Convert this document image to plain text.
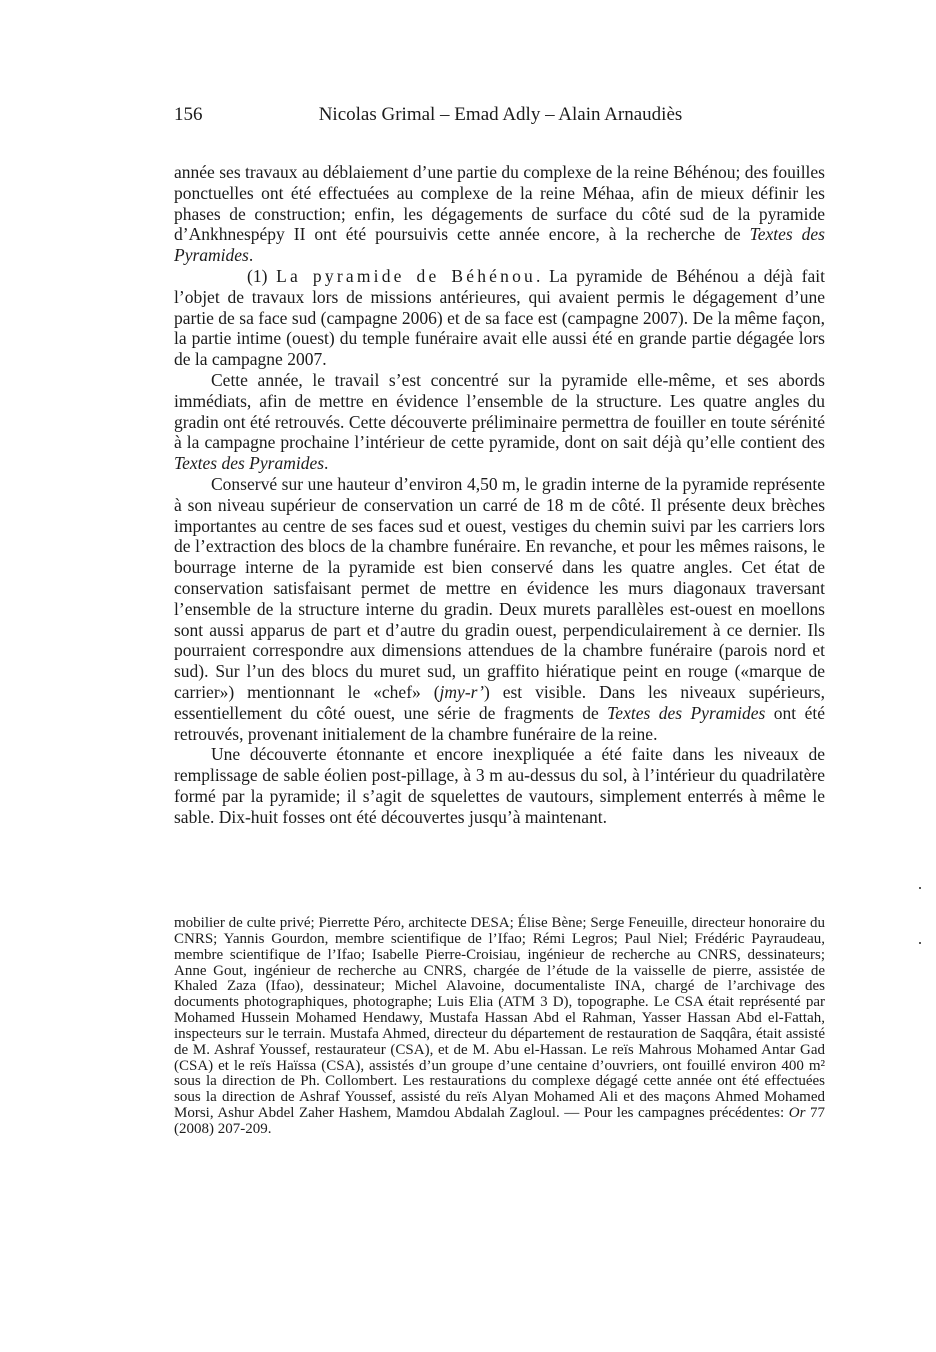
156	Nicolas Grimal – Emad Adly – Alain Arnaudiès

année ses travaux au déblaiement d’une partie du complexe de la reine Béhénou; des fouilles ponctuelles ont été effectuées au complexe de la reine Méhaa, afin de mieux définir les phases de construction; enfin, les dégagements de surface du côté sud de la pyramide d’Ankhnespépy II ont été poursuivis cette année encore, à la recherche de Textes des Pyramides.

(1) La pyramide de Béhénou. La pyramide de Béhénou a déjà fait l’objet de travaux lors de missions antérieures, qui avaient permis le dégagement d’une partie de sa face sud (campagne 2006) et de sa face est (campagne 2007). De la même façon, la partie intime (ouest) du temple funéraire avait elle aussi été en grande partie dégagée lors de la campagne 2007.

Cette année, le travail s’est concentré sur la pyramide elle-même, et ses abords immédiats, afin de mettre en évidence l’ensemble de la structure. Les quatre angles du gradin ont été retrouvés. Cette découverte préliminaire permettra de fouiller en toute sérénité à la campagne prochaine l’intérieur de cette pyramide, dont on sait déjà qu’elle contient des Textes des Pyramides.

Conservé sur une hauteur d’environ 4,50 m, le gradin interne de la pyramide représente à son niveau supérieur de conservation un carré de 18 m de côté. Il présente deux brèches importantes au centre de ses faces sud et ouest, vestiges du chemin suivi par les carriers lors de l’extraction des blocs de la chambre funéraire. En revanche, et pour les mêmes raisons, le bourrage interne de la pyramide est bien conservé dans les quatre angles. Cet état de conservation satisfaisant permet de mettre en évidence les murs diagonaux traversant l’ensemble de la structure interne du gradin. Deux murets parallèles est-ouest en moellons sont aussi apparus de part et d’autre du gradin ouest, perpendiculairement à ce dernier. Ils pourraient correspondre aux dimensions attendues de la chambre funéraire (parois nord et sud). Sur l’un des blocs du muret sud, un graffito hiératique peint en rouge («marque de carrier») mentionnant le «chef» (jmy-r’) est visible. Dans les niveaux supérieurs, essentiellement du côté ouest, une série de fragments de Textes des Pyramides ont été retrouvés, provenant initialement de la chambre funéraire de la reine.

Une découverte étonnante et encore inexpliquée a été faite dans les niveaux de remplissage de sable éolien post-pillage, à 3 m au-dessus du sol, à l’intérieur du quadrilatère formé par la pyramide; il s’agit de squelettes de vautours, simplement enterrés à même le sable. Dix-huit fosses ont été découvertes jusqu’à maintenant.

mobilier de culte privé; Pierrette Péro, architecte DESA; Élise Bène; Serge Feneuille, directeur honoraire du CNRS; Yannis Gourdon, membre scientifique de l’Ifao; Rémi Legros; Paul Niel; Frédéric Payraudeau, membre scientifique de l’Ifao; Isabelle Pierre-Croisiau, ingénieur de recherche au CNRS, dessinateurs; Anne Gout, ingénieur de recherche au CNRS, chargée de l’étude de la vaisselle de pierre, assistée de Khaled Zaza (Ifao), dessinateur; Michel Alavoine, documentaliste INA, chargé de l’archivage des documents photographiques, photographe; Luis Elia (ATM 3 D), topographe. Le CSA était représenté par Mohamed Hussein Mohamed Hendawy, Mustafa Hassan Abd el Rahman, Yasser Hassan Abd el-Fattah, inspecteurs sur le terrain. Mustafa Ahmed, directeur du département de restauration de Saqqâra, était assisté de M. Ashraf Youssef, restaurateur (CSA), et de M. Abu el-Hassan. Le reïs Mahrous Mohamed Antar Gad (CSA) et le reïs Haïssa (CSA), assistés d’un groupe d’une centaine d’ouvriers, ont fouillé environ 400 m² sous la direction de Ph. Collombert. Les restaurations du complexe dégagé cette année ont été effectuées sous la direction de Ashraf Youssef, assisté du reïs Alyan Mohamed Ali et des maçons Ahmed Mohamed Morsi, Ashur Abdel Zaher Hashem, Mamdou Abdalah Zagloul. — Pour les campagnes précédentes: Or 77 (2008) 207-209.
